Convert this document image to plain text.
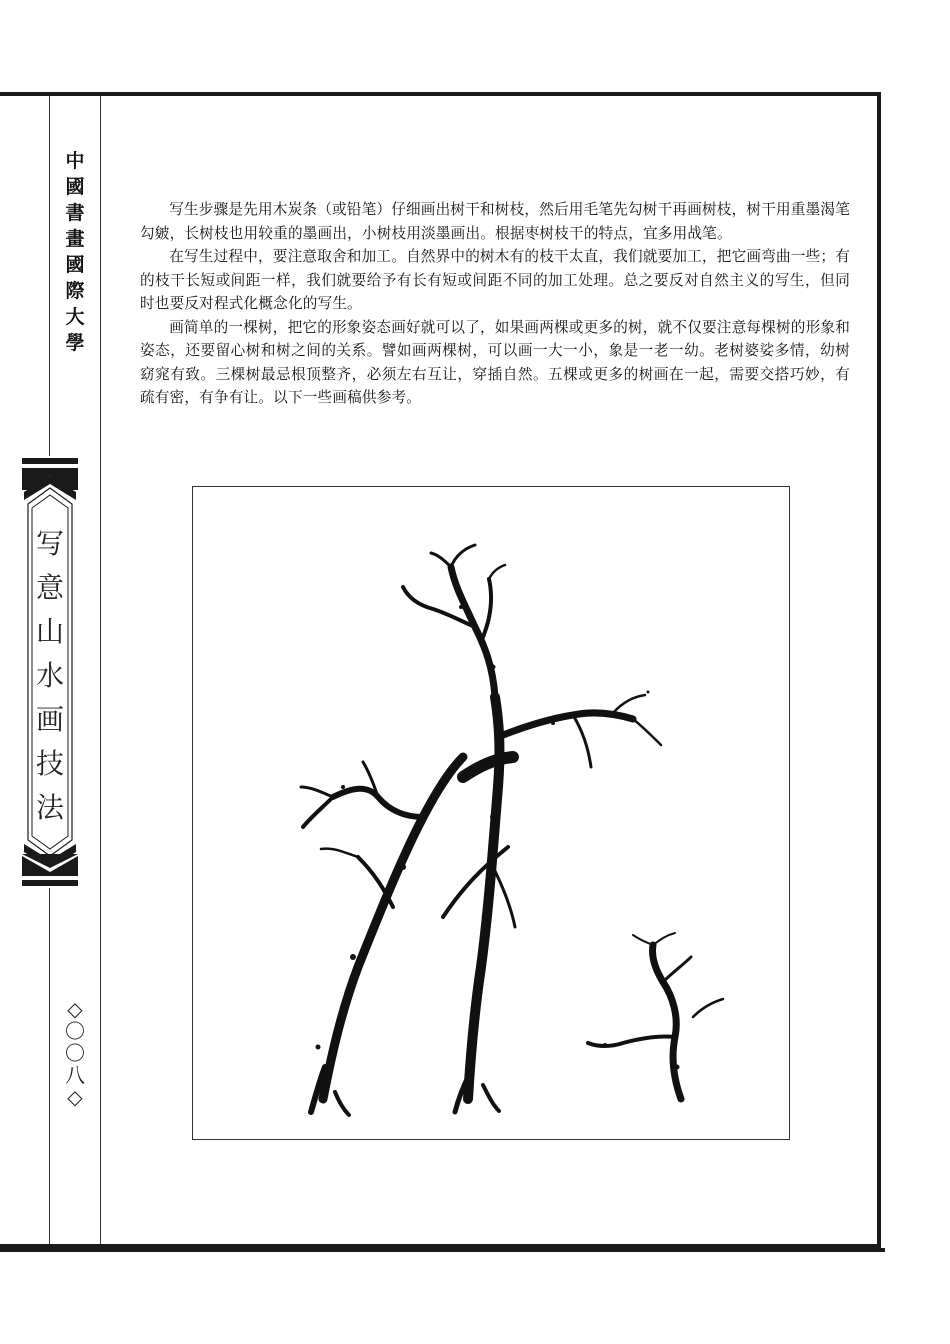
中
國
書
畫
國
際
大
學
写
意
山
水
画
技
法
◇
〇
〇
八
◇

写生步骤是先用木炭条（或铅笔）仔细画出树干和树枝，然后用毛笔先勾树干再画树枝，树干用重墨渴笔勾皴，长树枝也用较重的墨画出，小树枝用淡墨画出。根据枣树枝干的特点，宜多用战笔。

在写生过程中，要注意取舍和加工。自然界中的树木有的枝干太直，我们就要加工，把它画弯曲一些；有的枝干长短或间距一样，我们就要给予有长有短或间距不同的加工处理。总之要反对自然主义的写生，但同时也要反对程式化概念化的写生。

画简单的一棵树，把它的形象姿态画好就可以了，如果画两棵或更多的树，就不仅要注意每棵树的形象和姿态，还要留心树和树之间的关系。譬如画两棵树，可以画一大一小，象是一老一幼。老树婆娑多情，幼树窈窕有致。三棵树最忌根顶整齐，必须左右互让，穿插自然。五棵或更多的树画在一起，需要交搭巧妙，有疏有密，有争有让。以下一些画稿供参考。
